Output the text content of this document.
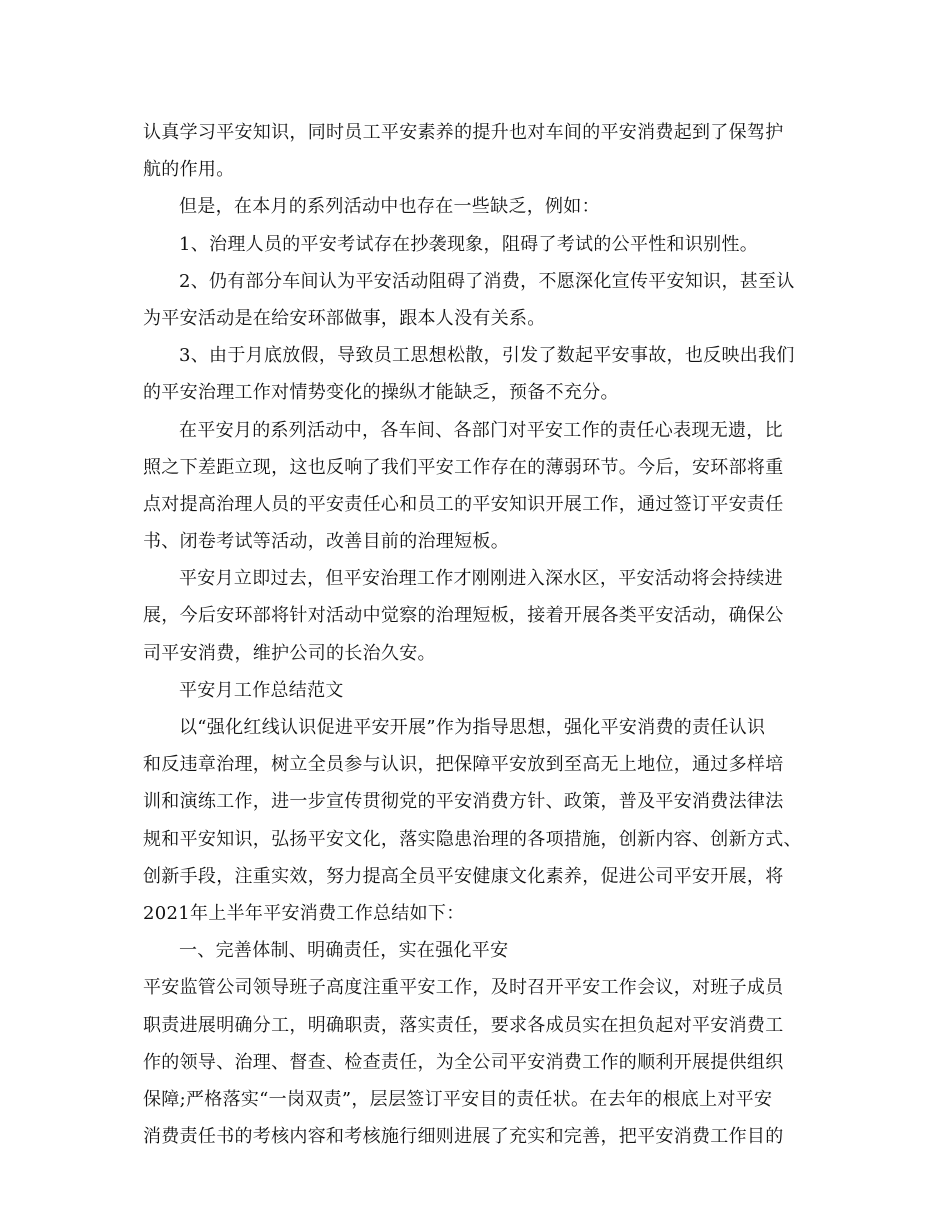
认真学习平安知识，同时员工平安素养的提升也对车间的平安消费起到了保驾护
航的作用。
但是，在本月的系列活动中也存在一些缺乏，例如：
1、治理人员的平安考试存在抄袭现象，阻碍了考试的公平性和识别性。
2、仍有部分车间认为平安活动阻碍了消费，不愿深化宣传平安知识，甚至认
为平安活动是在给安环部做事，跟本人没有关系。
3、由于月底放假，导致员工思想松散，引发了数起平安事故，也反映出我们
的平安治理工作对情势变化的操纵才能缺乏，预备不充分。
在平安月的系列活动中，各车间、各部门对平安工作的责任心表现无遗，比
照之下差距立现，这也反响了我们平安工作存在的薄弱环节。今后，安环部将重
点对提高治理人员的平安责任心和员工的平安知识开展工作，通过签订平安责任
书、闭卷考试等活动，改善目前的治理短板。
平安月立即过去，但平安治理工作才刚刚进入深水区，平安活动将会持续进
展，今后安环部将针对活动中觉察的治理短板，接着开展各类平安活动，确保公
司平安消费，维护公司的长治久安。
平安月工作总结范文
以“强化红线认识促进平安开展”作为指导思想，强化平安消费的责任认识
和反违章治理，树立全员参与认识，把保障平安放到至高无上地位，通过多样培
训和演练工作，进一步宣传贯彻党的平安消费方针、政策，普及平安消费法律法
规和平安知识，弘扬平安文化，落实隐患治理的各项措施，创新内容、创新方式、
创新手段，注重实效，努力提高全员平安健康文化素养，促进公司平安开展，将
2021年上半年平安消费工作总结如下：
一、完善体制、明确责任，实在强化平安
平安监管公司领导班子高度注重平安工作，及时召开平安工作会议，对班子成员
职责进展明确分工，明确职责，落实责任，要求各成员实在担负起对平安消费工
作的领导、治理、督查、检查责任，为全公司平安消费工作的顺利开展提供组织
保障;严格落实“一岗双责”，层层签订平安目的责任状。在去年的根底上对平安
消费责任书的考核内容和考核施行细则进展了充实和完善，把平安消费工作目的
